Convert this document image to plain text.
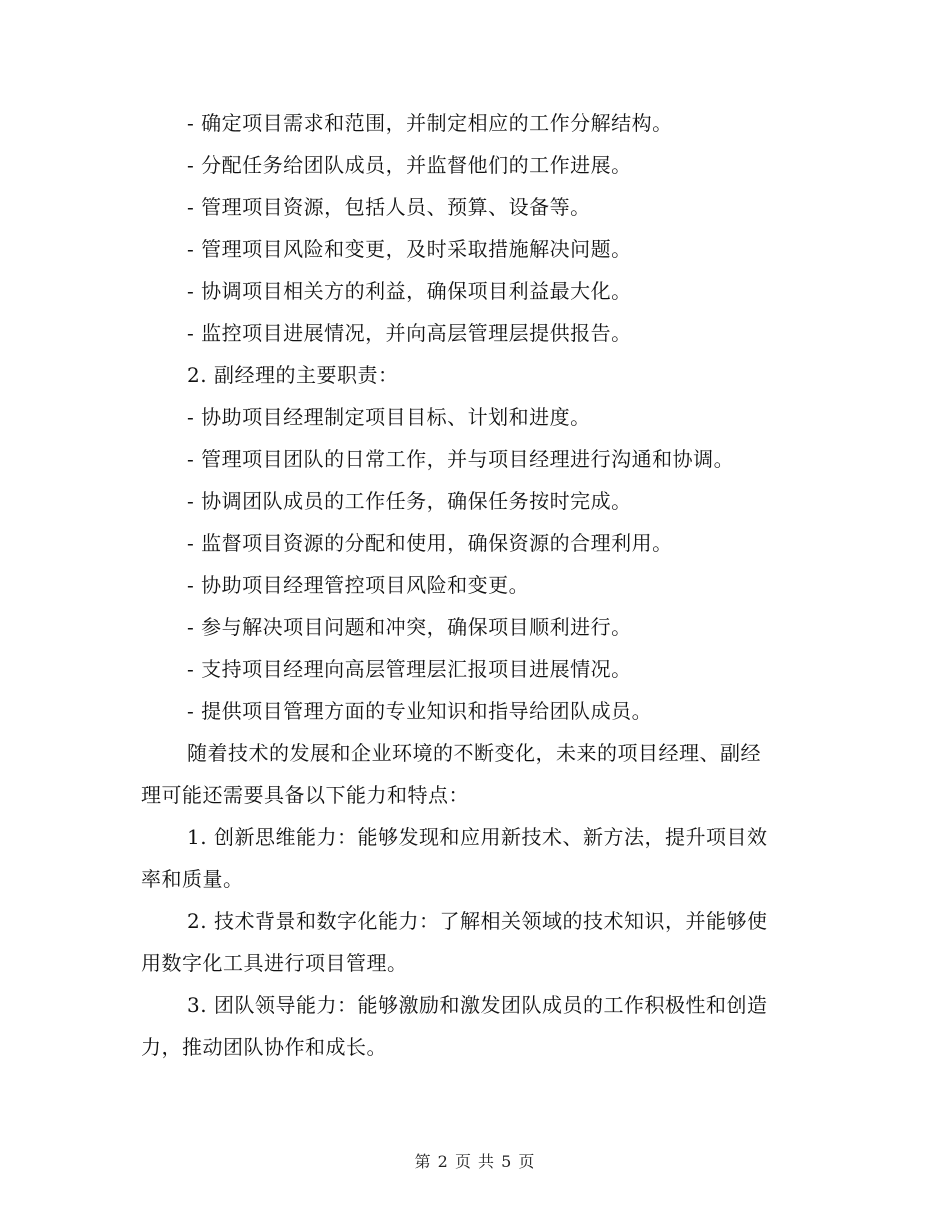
- 确定项目需求和范围，并制定相应的工作分解结构。
- 分配任务给团队成员，并监督他们的工作进展。
- 管理项目资源，包括人员、预算、设备等。
- 管理项目风险和变更，及时采取措施解决问题。
- 协调项目相关方的利益，确保项目利益最大化。
- 监控项目进展情况，并向高层管理层提供报告。
2. 副经理的主要职责：
- 协助项目经理制定项目目标、计划和进度。
- 管理项目团队的日常工作，并与项目经理进行沟通和协调。
- 协调团队成员的工作任务，确保任务按时完成。
- 监督项目资源的分配和使用，确保资源的合理利用。
- 协助项目经理管控项目风险和变更。
- 参与解决项目问题和冲突，确保项目顺利进行。
- 支持项目经理向高层管理层汇报项目进展情况。
- 提供项目管理方面的专业知识和指导给团队成员。
随着技术的发展和企业环境的不断变化，未来的项目经理、副经
理可能还需要具备以下能力和特点：
1. 创新思维能力：能够发现和应用新技术、新方法，提升项目效
率和质量。
2. 技术背景和数字化能力：了解相关领域的技术知识，并能够使
用数字化工具进行项目管理。
3. 团队领导能力：能够激励和激发团队成员的工作积极性和创造
力，推动团队协作和成长。
第 2 页 共 5 页
